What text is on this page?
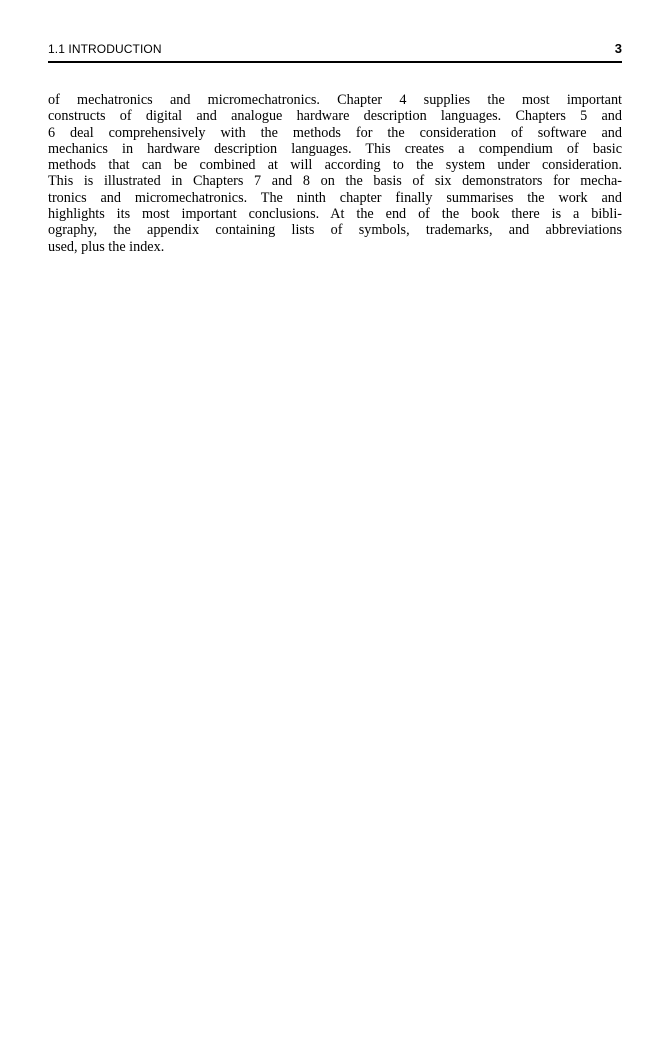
1.1 INTRODUCTION	3
of mechatronics and micromechatronics. Chapter 4 supplies the most important
constructs of digital and analogue hardware description languages. Chapters 5 and
6 deal comprehensively with the methods for the consideration of software and
mechanics in hardware description languages. This creates a compendium of basic
methods that can be combined at will according to the system under consideration.
This is illustrated in Chapters 7 and 8 on the basis of six demonstrators for mecha-
tronics and micromechatronics. The ninth chapter finally summarises the work and
highlights its most important conclusions. At the end of the book there is a bibli-
ography, the appendix containing lists of symbols, trademarks, and abbreviations
used, plus the index.
